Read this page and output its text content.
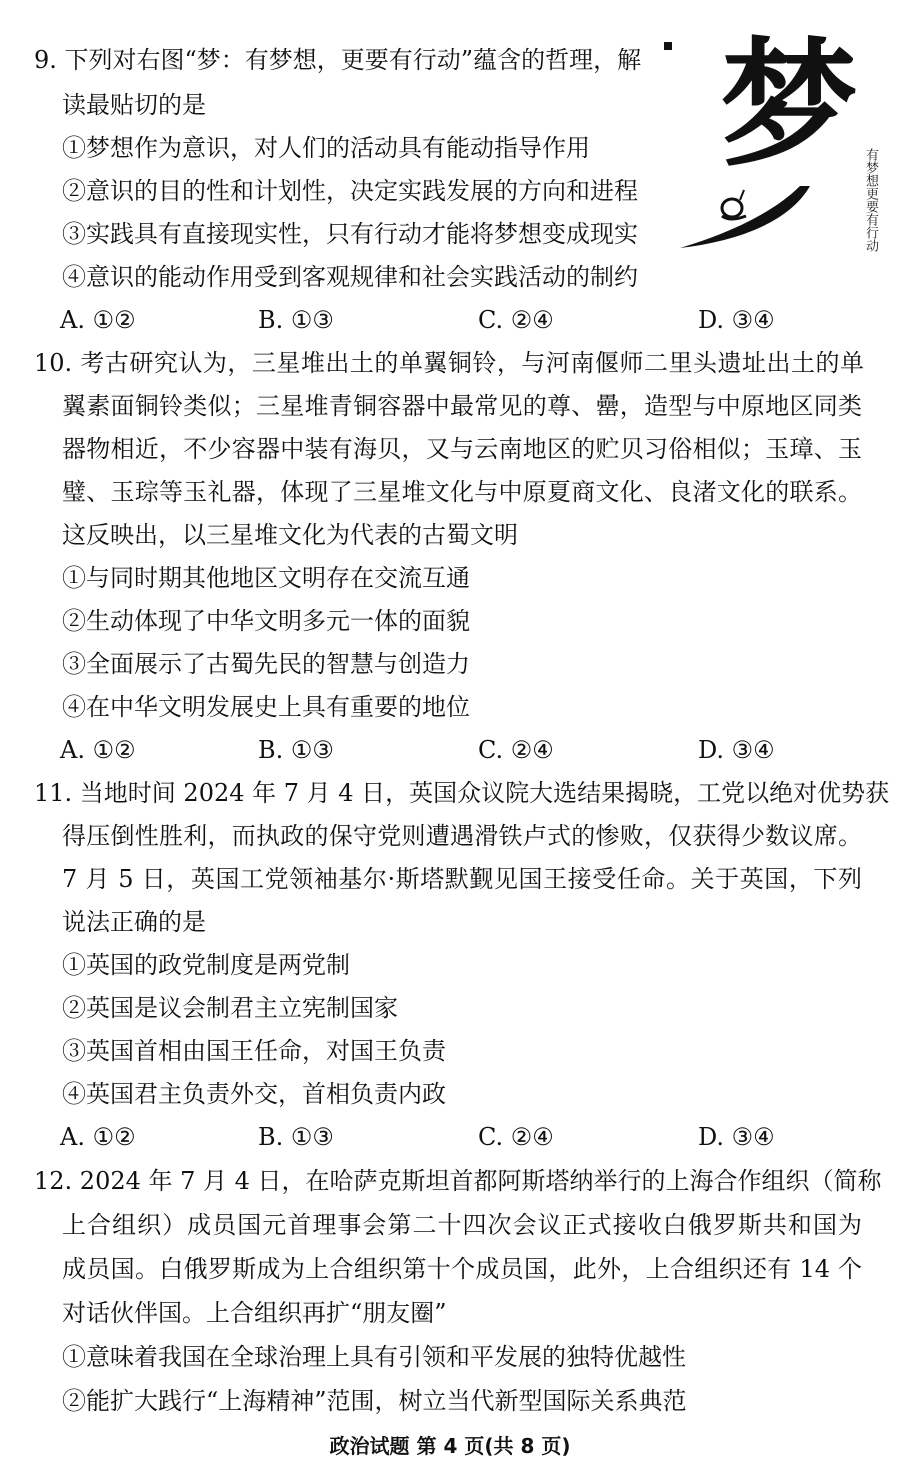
梦
有梦想更要有行动

9. 下列对右图“梦：有梦想，更要有行动”蕴含的哲理，解

读最贴切的是

①梦想作为意识，对人们的活动具有能动指导作用

②意识的目的性和计划性，决定实践发展的方向和进程

③实践具有直接现实性，只有行动才能将梦想变成现实

④意识的能动作用受到客观规律和社会实践活动的制约

A. ①②	B. ①③	C. ②④	D. ③④

10. 考古研究认为，三星堆出土的单翼铜铃，与河南偃师二里头遗址出土的单

翼素面铜铃类似；三星堆青铜容器中最常见的尊、罍，造型与中原地区同类

器物相近，不少容器中装有海贝，又与云南地区的贮贝习俗相似；玉璋、玉

璧、玉琮等玉礼器，体现了三星堆文化与中原夏商文化、良渚文化的联系。

这反映出，以三星堆文化为代表的古蜀文明

①与同时期其他地区文明存在交流互通

②生动体现了中华文明多元一体的面貌

③全面展示了古蜀先民的智慧与创造力

④在中华文明发展史上具有重要的地位

A. ①②	B. ①③	C. ②④	D. ③④

11. 当地时间 2024 年 7 月 4 日，英国众议院大选结果揭晓，工党以绝对优势获

得压倒性胜利，而执政的保守党则遭遇滑铁卢式的惨败，仅获得少数议席。

7 月 5 日，英国工党领袖基尔·斯塔默觐见国王接受任命。关于英国，下列

说法正确的是

①英国的政党制度是两党制

②英国是议会制君主立宪制国家

③英国首相由国王任命，对国王负责

④英国君主负责外交，首相负责内政

A. ①②	B. ①③	C. ②④	D. ③④

12. 2024 年 7 月 4 日，在哈萨克斯坦首都阿斯塔纳举行的上海合作组织（简称

上合组织）成员国元首理事会第二十四次会议正式接收白俄罗斯共和国为

成员国。白俄罗斯成为上合组织第十个成员国，此外，上合组织还有 14 个

对话伙伴国。上合组织再扩“朋友圈”

①意味着我国在全球治理上具有引领和平发展的独特优越性

②能扩大践行“上海精神”范围，树立当代新型国际关系典范

政治试题 第 4 页(共 8 页)
